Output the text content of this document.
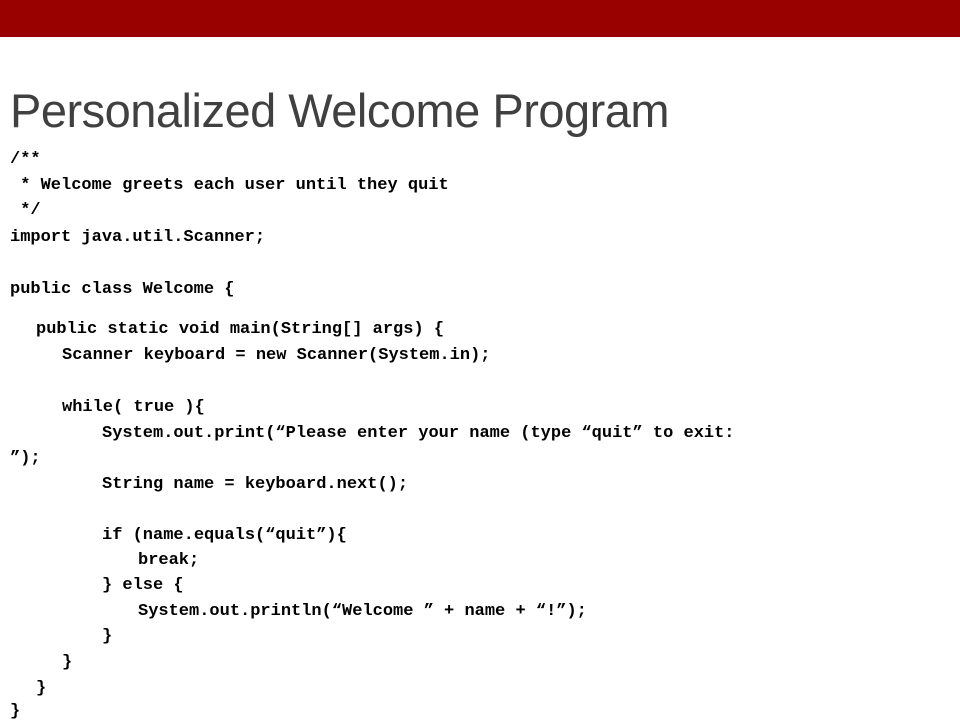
Personalized Welcome Program
/**
* Welcome greets each user until they quit
*/
import java.util.Scanner;
public class Welcome {
public static void main(String[] args) {
Scanner keyboard = new Scanner(System.in);
while( true ){
System.out.print(“Please enter your name (type “quit” to exit:
”);
String name = keyboard.next();
if (name.equals(“quit”){
break;
} else {
System.out.println(“Welcome ” + name + “!”);
}
}
}
}
